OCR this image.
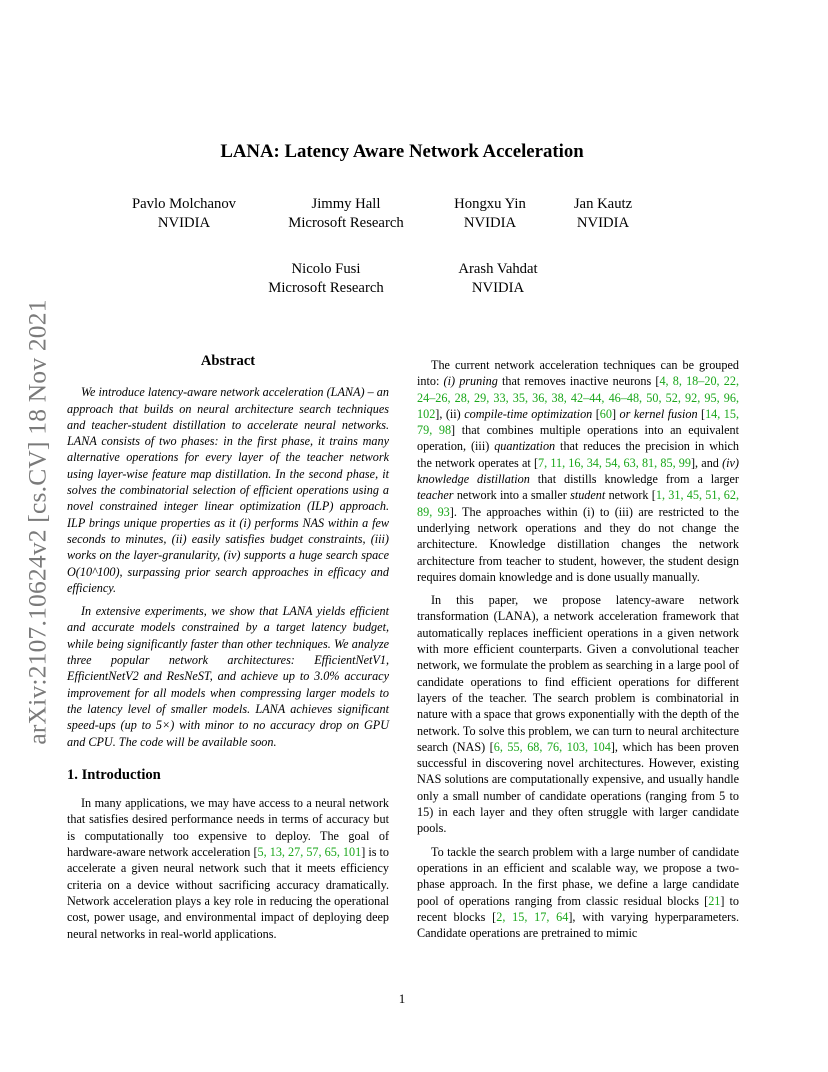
arXiv:2107.10624v2 [cs.CV] 18 Nov 2021
LANA: Latency Aware Network Acceleration
Pavlo Molchanov
NVIDIA
Jimmy Hall
Microsoft Research
Hongxu Yin
NVIDIA
Jan Kautz
NVIDIA
Nicolo Fusi
Microsoft Research
Arash Vahdat
NVIDIA
Abstract

We introduce latency-aware network acceleration (LANA) – an approach that builds on neural architecture search techniques and teacher-student distillation to accelerate neural networks. LANA consists of two phases: in the first phase, it trains many alternative operations for every layer of the teacher network using layer-wise feature map distillation. In the second phase, it solves the combinatorial selection of efficient operations using a novel constrained integer linear optimization (ILP) approach. ILP brings unique properties as it (i) performs NAS within a few seconds to minutes, (ii) easily satisfies budget constraints, (iii) works on the layer-granularity, (iv) supports a huge search space O(10^100), surpassing prior search approaches in efficacy and efficiency.

In extensive experiments, we show that LANA yields efficient and accurate models constrained by a target latency budget, while being significantly faster than other techniques. We analyze three popular network architectures: EfficientNetV1, EfficientNetV2 and ResNeST, and achieve up to 3.0% accuracy improvement for all models when compressing larger models to the latency level of smaller models. LANA achieves significant speed-ups (up to 5×) with minor to no accuracy drop on GPU and CPU. The code will be available soon.

1. Introduction

In many applications, we may have access to a neural network that satisfies desired performance needs in terms of accuracy but is computationally too expensive to deploy. The goal of hardware-aware network acceleration [5, 13, 27, 57, 65, 101] is to accelerate a given neural network such that it meets efficiency criteria on a device without sacrificing accuracy dramatically. Network acceleration plays a key role in reducing the operational cost, power usage, and environmental impact of deploying deep neural networks in real-world applications.

The current network acceleration techniques can be grouped into: (i) pruning that removes inactive neurons [4, 8, 18–20, 22, 24–26, 28, 29, 33, 35, 36, 38, 42–44, 46–48, 50, 52, 92, 95, 96, 102], (ii) compile-time optimization [60] or kernel fusion [14, 15, 79, 98] that combines multiple operations into an equivalent operation, (iii) quantization that reduces the precision in which the network operates at [7, 11, 16, 34, 54, 63, 81, 85, 99], and (iv) knowledge distillation that distills knowledge from a larger teacher network into a smaller student network [1, 31, 45, 51, 62, 89, 93]. The approaches within (i) to (iii) are restricted to the underlying network operations and they do not change the architecture. Knowledge distillation changes the network architecture from teacher to student, however, the student design requires domain knowledge and is done usually manually.

In this paper, we propose latency-aware network transformation (LANA), a network acceleration framework that automatically replaces inefficient operations in a given network with more efficient counterparts. Given a convolutional teacher network, we formulate the problem as searching in a large pool of candidate operations to find efficient operations for different layers of the teacher. The search problem is combinatorial in nature with a space that grows exponentially with the depth of the network. To solve this problem, we can turn to neural architecture search (NAS) [6, 55, 68, 76, 103, 104], which has been proven successful in discovering novel architectures. However, existing NAS solutions are computationally expensive, and usually handle only a small number of candidate operations (ranging from 5 to 15) in each layer and they often struggle with larger candidate pools.

To tackle the search problem with a large number of candidate operations in an efficient and scalable way, we propose a two-phase approach. In the first phase, we define a large candidate pool of operations ranging from classic residual blocks [21] to recent blocks [2, 15, 17, 64], with varying hyperparameters. Candidate operations are pretrained to mimic

1
